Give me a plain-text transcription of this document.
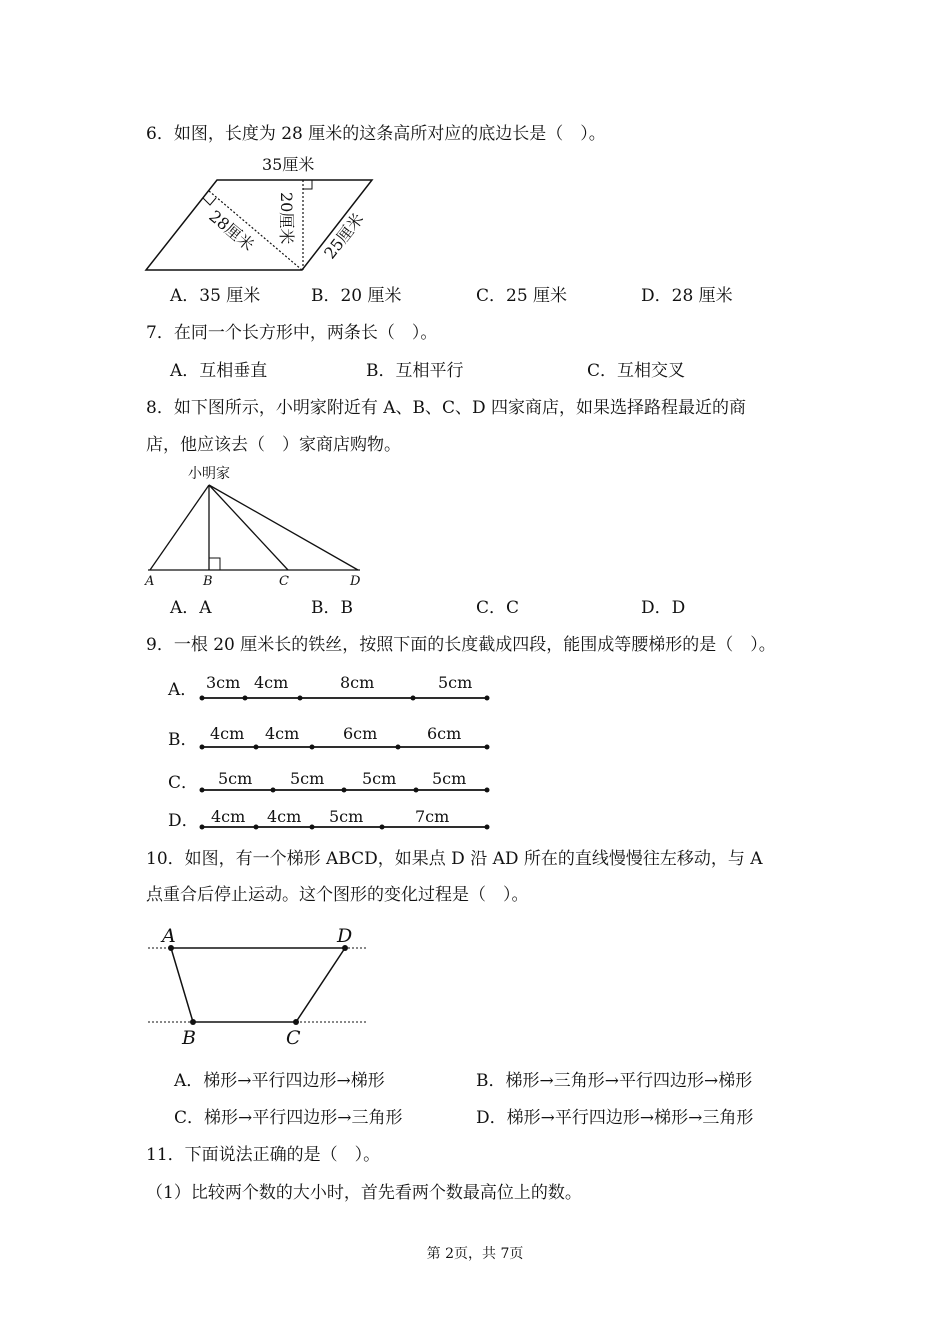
6．如图，长度为 28 厘米的这条高所对应的底边长是（　）。
35厘米
20厘米
28厘米	25厘米
A．35 厘米	B．20 厘米	C．25 厘米	D．28 厘米
7．在同一个长方形中，两条长（　）。
A．互相垂直	B．互相平行	C．互相交叉
8．如下图所示，小明家附近有 A、B、C、D 四家商店，如果选择路程最近的商
店，他应该去（　）家商店购物。
小明家
A	B	C	D
A．A	B．B	C．C	D．D
9．一根 20 厘米长的铁丝，按照下面的长度截成四段，能围成等腰梯形的是（　）。
A． 3cm 4cm	8cm	5cm
B． 4cm 4cm	6cm	6cm
C． 5cm 5cm 5cm 5cm
D． 4cm 4cm 5cm	7cm
10．如图，有一个梯形 ABCD，如果点 D 沿 AD 所在的直线慢慢往左移动，与 A
点重合后停止运动。这个图形的变化过程是（　）。
A	D
B	C
A．梯形→平行四边形→梯形	B．梯形→三角形→平行四边形→梯形
C．梯形→平行四边形→三角形	D．梯形→平行四边形→梯形→三角形
11．下面说法正确的是（　）。
（1）比较两个数的大小时，首先看两个数最高位上的数。
第 2页，共 7页
